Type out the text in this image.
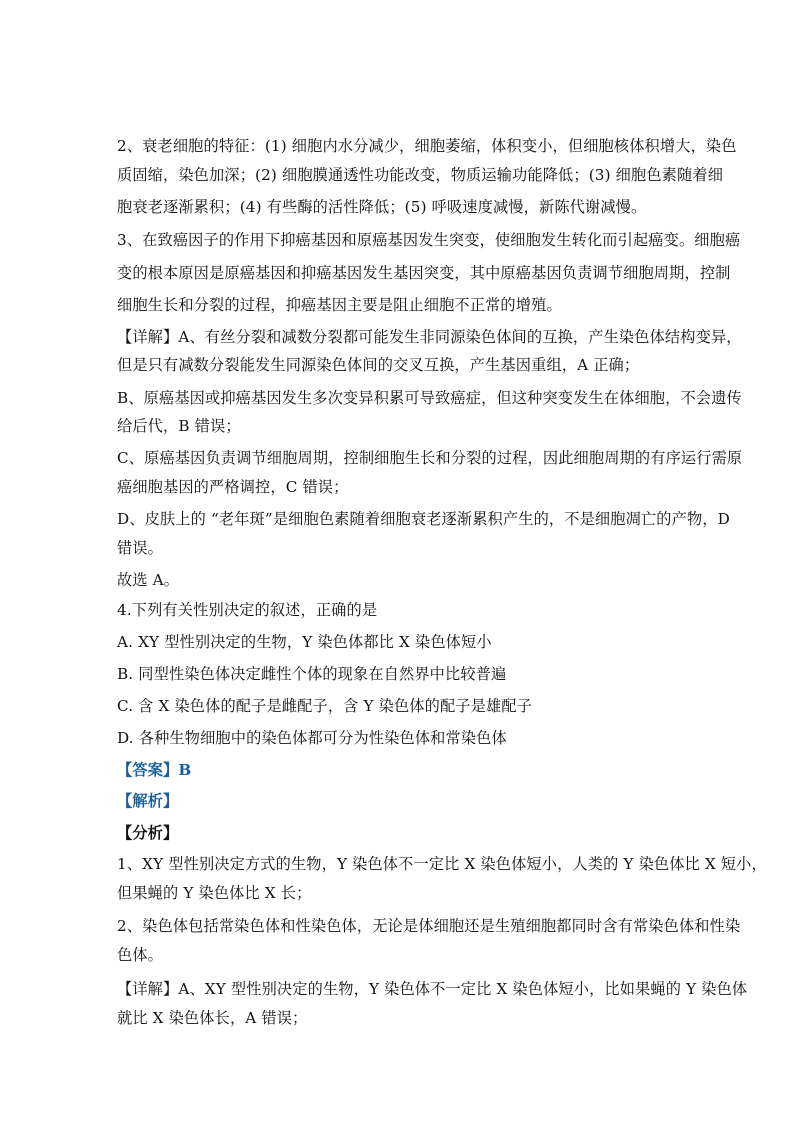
2、衰老细胞的特征：(1) 细胞内水分减少，细胞萎缩，体积变小，但细胞核体积增大，染色
质固缩，染色加深；(2) 细胞膜通透性功能改变，物质运输功能降低；(3) 细胞色素随着细
胞衰老逐渐累积；(4) 有些酶的活性降低；(5) 呼吸速度减慢，新陈代谢减慢。
3、在致癌因子的作用下抑癌基因和原癌基因发生突变，使细胞发生转化而引起癌变。细胞癌
变的根本原因是原癌基因和抑癌基因发生基因突变，其中原癌基因负责调节细胞周期，控制
细胞生长和分裂的过程，抑癌基因主要是阻止细胞不正常的增殖。
【详解】A、有丝分裂和减数分裂都可能发生非同源染色体间的互换，产生染色体结构变异，
但是只有减数分裂能发生同源染色体间的交叉互换，产生基因重组，A 正确；
B、原癌基因或抑癌基因发生多次变异积累可导致癌症，但这种突变发生在体细胞，不会遗传
给后代，B 错误；
C、原癌基因负责调节细胞周期，控制细胞生长和分裂的过程，因此细胞周期的有序运行需原
癌细胞基因的严格调控，C 错误；
D、皮肤上的 “老年斑”是细胞色素随着细胞衰老逐渐累积产生的，不是细胞凋亡的产物，D
错误。
故选 A。
4.下列有关性别决定的叙述，正确的是
A. XY 型性别决定的生物，Y 染色体都比 X 染色体短小
B. 同型性染色体决定雌性个体的现象在自然界中比较普遍
C. 含 X 染色体的配子是雌配子，含 Y 染色体的配子是雄配子
D. 各种生物细胞中的染色体都可分为性染色体和常染色体
【答案】B
【解析】
【分析】
1、XY 型性别决定方式的生物，Y 染色体不一定比 X 染色体短小，人类的 Y 染色体比 X 短小，
但果蝇的 Y 染色体比 X 长；
2、染色体包括常染色体和性染色体，无论是体细胞还是生殖细胞都同时含有常染色体和性染
色体。
【详解】A、XY 型性别决定的生物，Y 染色体不一定比 X 染色体短小，比如果蝇的 Y 染色体
就比 X 染色体长，A 错误；
